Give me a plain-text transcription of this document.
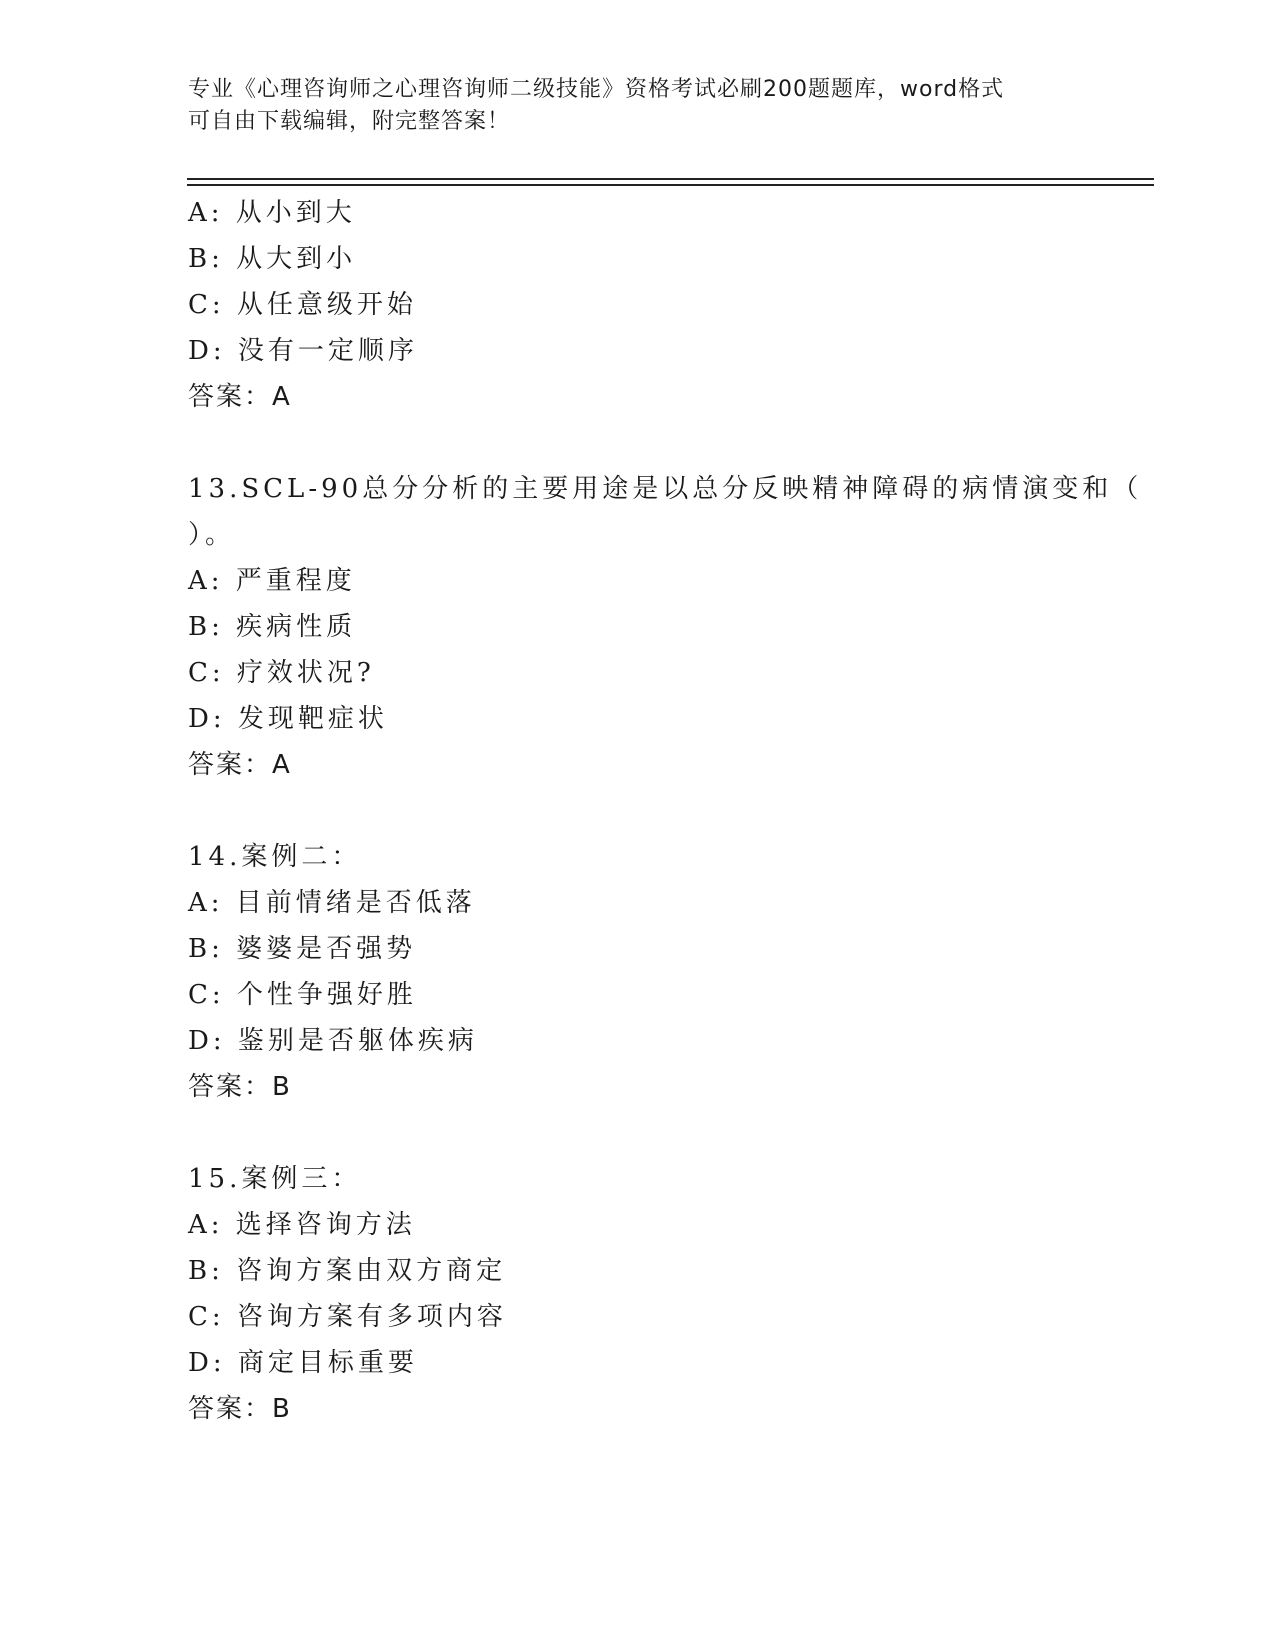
专业《心理咨询师之心理咨询师二级技能》资格考试必刷200题题库，word格式
可自由下载编辑，附完整答案！
A: 从小到大
B: 从大到小
C: 从任意级开始
D: 没有一定顺序
答案：A
13.SCL-90总分分析的主要用途是以总分反映精神障碍的病情演变和（
）。
A: 严重程度
B: 疾病性质
C: 疗效状况?
D: 发现靶症状
答案：A
14.案例二：
A: 目前情绪是否低落
B: 婆婆是否强势
C: 个性争强好胜
D: 鉴别是否躯体疾病
答案：B
15.案例三：
A: 选择咨询方法
B: 咨询方案由双方商定
C: 咨询方案有多项内容
D: 商定目标重要
答案：B
